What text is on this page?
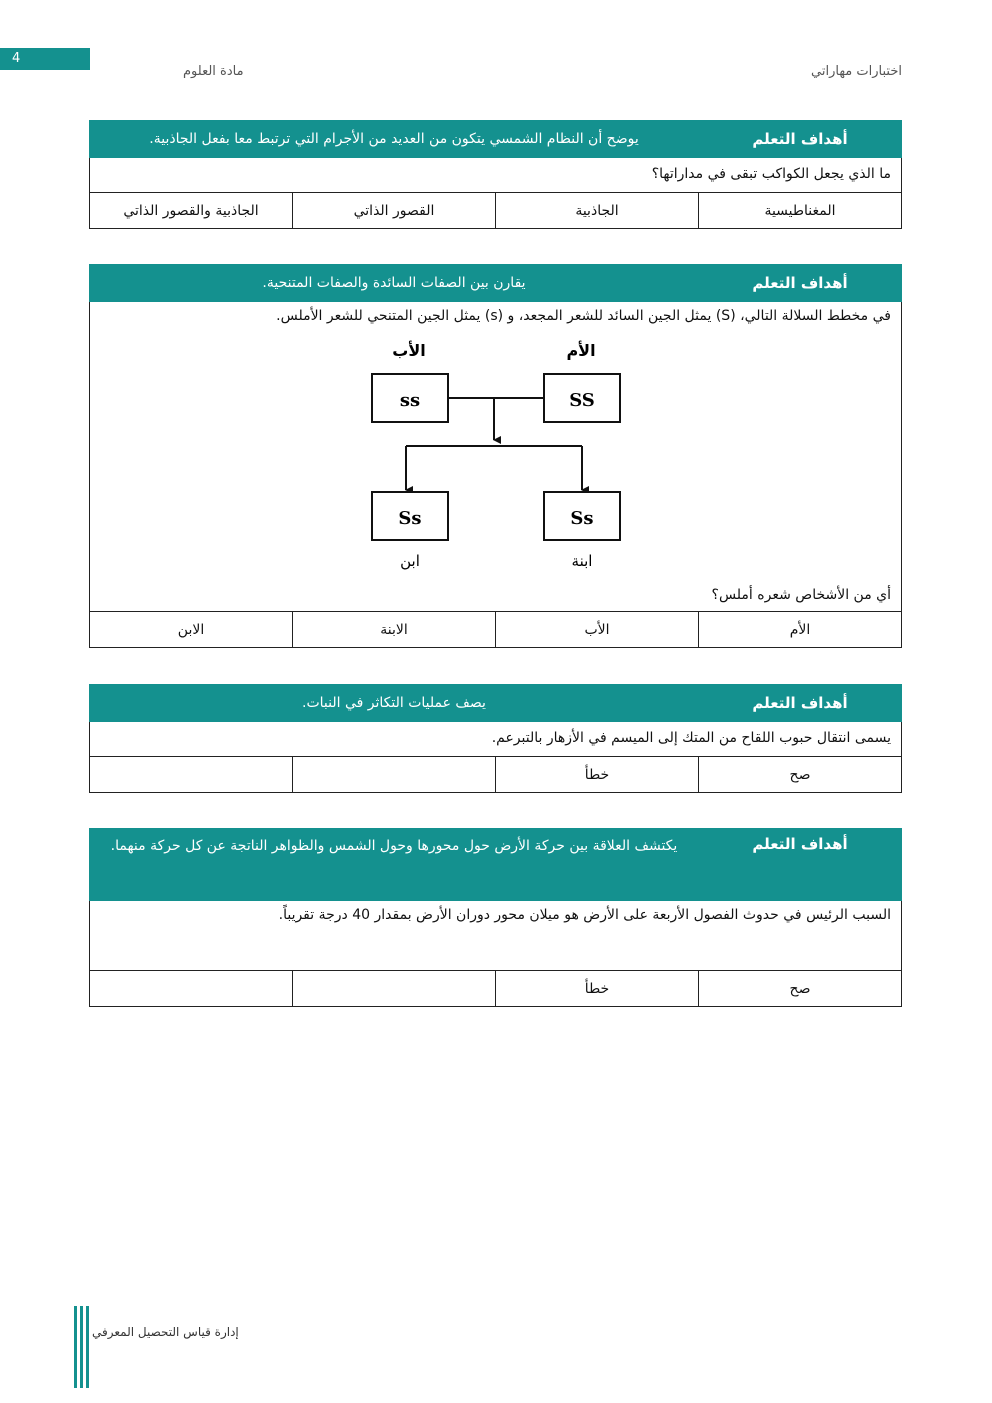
4
مادة العلوم	اختبارات مهاراتي
أهداف التعلم	يوضح أن النظام الشمسي يتكون من العديد من الأجرام التي ترتبط معا بفعل الجاذبية.		
ما الذي يجعل الكواكب تبقى في مداراتها؟			
المغناطيسية	الجاذبية	القصور الذاتي	الجاذبية والقصور الذاتي
أهداف التعلم	يقارن بين الصفات السائدة والصفات المتنحية.		

في مخطط السلالة التالي، (S) يمثل الجين السائد للشعر المجعد، و (s) يمثل الجين المتنحي للشعر الأملس.
أي من الأشخاص شعره أملس؟			

الأم	الأب	الابنة	الابن
الأم
الأب
ss	SS
Ss	Ss
ابن	ابنة
أهداف التعلم	يصف عمليات التكاثر في النبات.		
يسمى انتقال حبوب اللقاح من المتك إلى الميسم في الأزهار بالتبرعم.			
صح	خطأ		
أهداف التعلم	يكتشف العلاقة بين حركة الأرض حول محورها وحول الشمس والظواهر الناتجة عن كل حركة منهما.		
السبب الرئيس في حدوث الفصول الأربعة على الأرض هو ميلان محور دوران الأرض بمقدار 40 درجة تقريباً.			
صح	خطأ		
إدارة قياس التحصيل المعرفي
